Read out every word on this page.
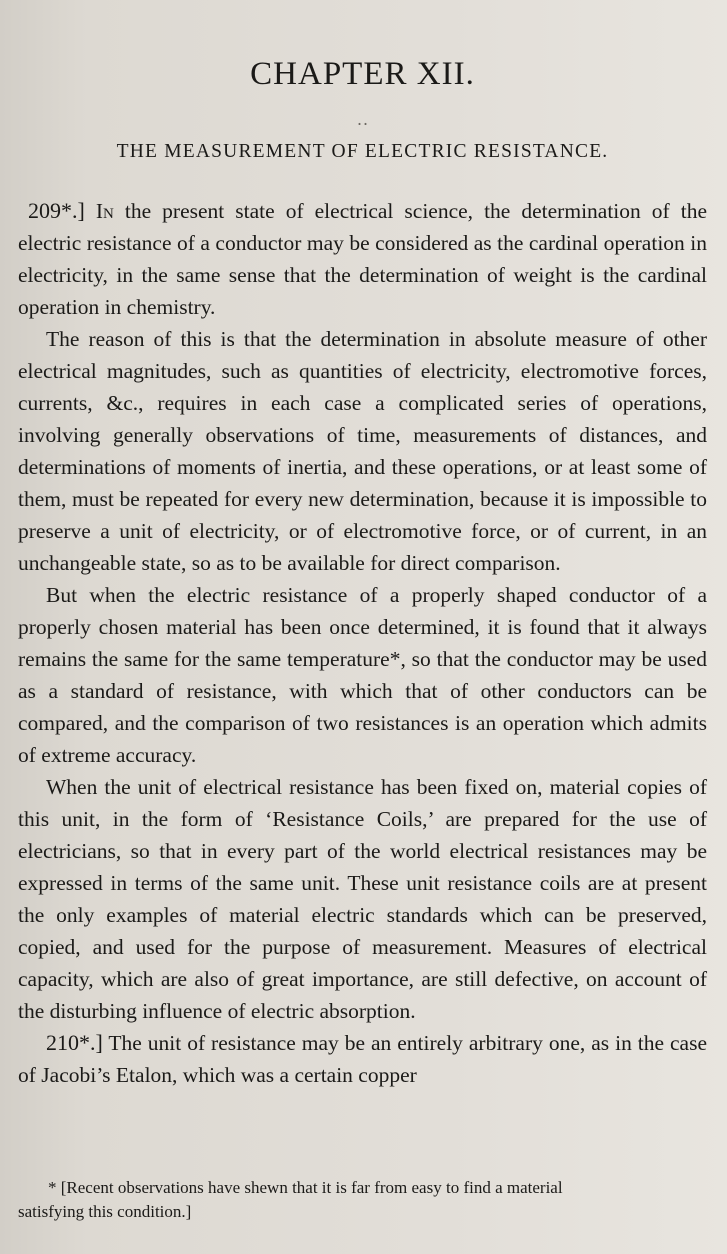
CHAPTER XII.
··
THE MEASUREMENT OF ELECTRIC RESISTANCE.

209*.] In the present state of electrical science, the determination of the electric resistance of a conductor may be considered as the cardinal operation in electricity, in the same sense that the determination of weight is the cardinal operation in chemistry.

The reason of this is that the determination in absolute measure of other electrical magnitudes, such as quantities of electricity, electromotive forces, currents, &c., requires in each case a complicated series of operations, involving generally observations of time, measurements of distances, and determinations of moments of inertia, and these operations, or at least some of them, must be repeated for every new determination, because it is impossible to preserve a unit of electricity, or of electromotive force, or of current, in an unchangeable state, so as to be available for direct comparison.

But when the electric resistance of a properly shaped conductor of a properly chosen material has been once determined, it is found that it always remains the same for the same temperature*, so that the conductor may be used as a standard of resistance, with which that of other conductors can be compared, and the comparison of two resistances is an operation which admits of extreme accuracy.

When the unit of electrical resistance has been fixed on, material copies of this unit, in the form of ‘Resistance Coils,’ are prepared for the use of electricians, so that in every part of the world electrical resistances may be expressed in terms of the same unit. These unit resistance coils are at present the only examples of material electric standards which can be preserved, copied, and used for the purpose of measurement. Measures of electrical capacity, which are also of great importance, are still defective, on account of the disturbing influence of electric absorption.

210*.] The unit of resistance may be an entirely arbitrary one, as in the case of Jacobi’s Etalon, which was a certain copper

* [Recent observations have shewn that it is far from easy to find a material
satisfying this condition.]
